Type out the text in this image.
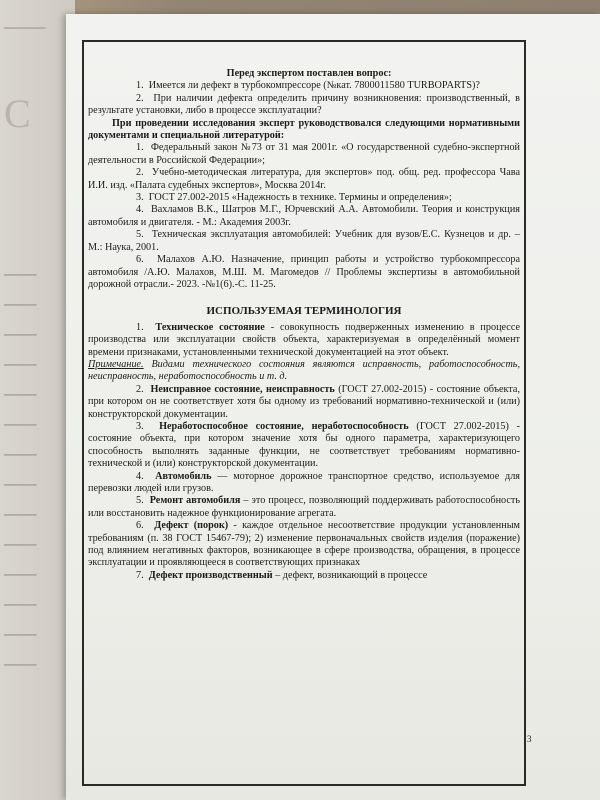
▔▔▔▔▔▔
С
━━━━━━
━━━━━━
━━━━━━
━━━━━━
━━━━━━
━━━━━━
━━━━━━
━━━━━━
━━━━━━
━━━━━━
━━━━━━
━━━━━━
━━━━━━
━━━━━━

Перед экспертом поставлен вопрос:

1. Имеется ли дефект в турбокомпрессоре (№кат. 7800011580 TURBOPARTS)?

2. При наличии дефекта определить причину возникновения: производственный, в результате установки, либо в процессе эксплуатации?

При проведении исследования эксперт руководствовался следующими нормативными документами и специальной литературой:

1. Федеральный закон №73 от 31 мая 2001г. «О государственной судебно-экспертной деятельности в Российской Федерации»;

2. Учебно-методическая литература, для экспертов» под. общ. ред. профессора Чава И.И. изд. «Палата судебных экспертов», Москва 2014г.

3. ГОСТ 27.002-2015 «Надежность в технике. Термины и определения»;

4. Вахламов В.К., Шатров М.Г., Юрчевский А.А. Автомобили. Теория и конструкция автомобиля и двигателя. - М.: Академия 2003г.

5. Техническая эксплуатация автомобилей: Учебник для вузов/Е.С. Кузнецов и др. – М.: Наука, 2001.

6. Малахов А.Ю. Назначение, принцип работы и устройство турбокомпрессора автомобиля /А.Ю. Малахов, М.Ш. М. Магомедов // Проблемы экспертизы в автомобильной дорожной отрасли.- 2023. -№1(6).-С. 11-25.

ИСПОЛЬЗУЕМАЯ ТЕРМИНОЛОГИЯ

1. Техническое состояние - совокупность подверженных изменению в процессе производства или эксплуатации свойств объекта, характеризуемая в определённый момент времени признаками, установленными технической документацией на этот объект.

Примечание. Видами технического состояния являются исправность, работоспособность, неисправность, неработоспособность и т. д.

2. Неисправное состояние, неисправность (ГОСТ 27.002-2015) - состояние объекта, при котором он не соответствует хотя бы одному из требований нормативно-технической и (или) конструкторской документации.

3. Неработоспособное состояние, неработоспособность (ГОСТ 27.002-2015) - состояние объекта, при котором значение хотя бы одного параметра, характеризующего способность выполнять заданные функции, не соответствует требованиям нормативно-технической и (или) конструкторской документации.

4. Автомобиль — моторное дорожное транспортное средство, используемое для перевозки людей или грузов.

5. Ремонт автомобиля – это процесс, позволяющий поддерживать работоспособность или восстановить надежное функционирование агрегата.

6. Дефект (порок) - каждое отдельное несоответствие продукции установленным требованиям (п. 38 ГОСТ 15467-79); 2) изменение первоначальных свойств изделия (поражение) под влиянием негативных факторов, возникающее в сфере производства, обращения, в процессе эксплуатации и проявляющееся в соответствующих признаках

7. Дефект производственный – дефект, возникающий в процессе

3
